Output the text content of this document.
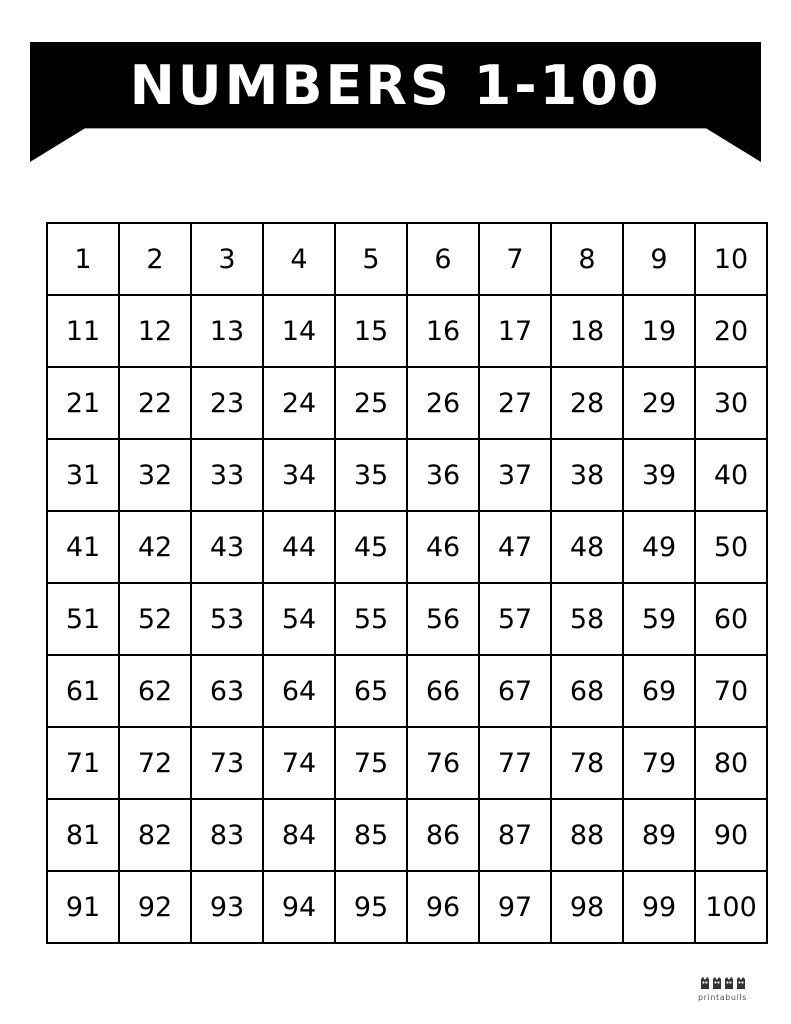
NUMBERS 1-100
1	2	3	4	5	6	7	8	9	10
11	12	13	14	15	16	17	18	19	20
21	22	23	24	25	26	27	28	29	30
31	32	33	34	35	36	37	38	39	40
41	42	43	44	45	46	47	48	49	50
51	52	53	54	55	56	57	58	59	60
61	62	63	64	65	66	67	68	69	70
71	72	73	74	75	76	77	78	79	80
81	82	83	84	85	86	87	88	89	90
91	92	93	94	95	96	97	98	99	100
printabulls
